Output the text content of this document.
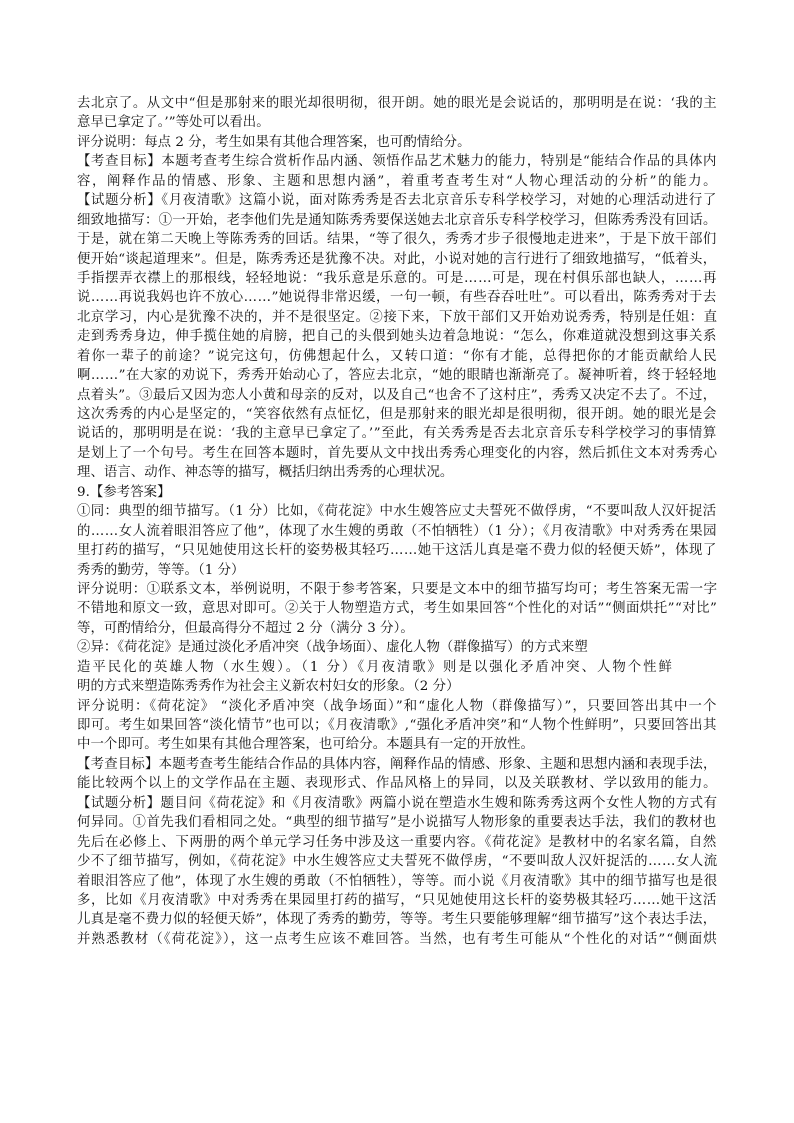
去北京了。从文中“但是那射来的眼光却很明彻，很开朗。她的眼光是会说话的，那明明是在说：‘我的主
意早已拿定了。’”等处可以看出。
评分说明：每点 2 分，考生如果有其他合理答案，也可酌情给分。
【考查目标】本题考查考生综合赏析作品内涵、领悟作品艺术魅力的能力，特别是“能结合作品的具体内
容，阐释作品的情感、形象、主题和思想内涵”，着重考查考生对“人物心理活动的分析”的能力。
【试题分析】《月夜清歌》这篇小说，面对陈秀秀是否去北京音乐专科学校学习，对她的心理活动进行了
细致地描写：①一开始，老李他们先是通知陈秀秀要保送她去北京音乐专科学校学习，但陈秀秀没有回话。
于是，就在第二天晚上等陈秀秀的回话。结果，“等了很久，秀秀才步子很慢地走进来”，于是下放干部们
便开始“谈起道理来”。但是，陈秀秀还是犹豫不决。对此，小说对她的言行进行了细致地描写，“低着头，
手指摆弄衣襟上的那根线，轻轻地说：“我乐意是乐意的。可是……可是，现在村俱乐部也缺人，……再
说……再说我妈也许不放心……”她说得非常迟缓，一句一顿，有些吞吞吐吐”。可以看出，陈秀秀对于去
北京学习，内心是犹豫不决的，并不是很坚定。②接下来，下放干部们又开始劝说秀秀，特别是任姐：直
走到秀秀身边，伸手揽住她的肩膀，把自己的头偎到她头边着急地说：“怎么，你难道就没想到这事关系
着你一辈子的前途？”说完这句，仿佛想起什么，又转口道：“你有才能，总得把你的才能贡献给人民
啊……”在大家的劝说下，秀秀开始动心了，答应去北京，“她的眼睛也渐渐亮了。凝神听着，终于轻轻地
点着头”。③最后又因为恋人小黄和母亲的反对，以及自己“也舍不了这村庄”，秀秀又决定不去了。不过，
这次秀秀的内心是坚定的，“笑容依然有点怔忆，但是那射来的眼光却是很明彻，很开朗。她的眼光是会
说话的，那明明是在说：‘我的主意早已拿定了。’”至此，有关秀秀是否去北京音乐专科学校学习的事情算
是划上了一个句号。考生在回答本题时，首先要从文中找出秀秀心理变化的内容，然后抓住文本对秀秀心
理、语言、动作、神态等的描写，概括归纳出秀秀的心理状况。
9.【参考答案】
①同：典型的细节描写。（1 分）比如，《荷花淀》中水生嫂答应丈夫誓死不做俘虏，“不要叫敌人汉奸捉活
的……女人流着眼泪答应了他”，体现了水生嫂的勇敢（不怕牺牲）（1 分）；《月夜清歌》中对秀秀在果园
里打药的描写，“只见她使用这长杆的姿势极其轻巧……她干这活儿真是毫不费力似的轻便天娇”，体现了
秀秀的勤劳，等等。（1 分）
评分说明：①联系文本，举例说明，不限于参考答案，只要是文本中的细节描写均可；考生答案无需一字
不错地和原文一致，意思对即可。②关于人物塑造方式，考生如果回答“个性化的对话”“侧面烘托”“对比”
等，可酌情给分，但最高得分不超过 2 分（满分 3 分）。
②异：《荷花淀》是通过淡化矛盾冲突（战争场面）、虚化人物（群像描写）的方式来塑
造平民化的英雄人物（水生嫂）。（1 分）《月夜清歌》则是以强化矛盾冲突、人物个性鲜
明的方式来塑造陈秀秀作为社会主义新农村妇女的形象。（2 分）
评分说明：《荷花淀》 “淡化矛盾冲突（战争场面）”和“虚化人物（群像描写）”，只要回答出其中一个
即可。考生如果回答“淡化情节”也可以；《月夜清歌》,“强化矛盾冲突”和“人物个性鲜明”，只要回答出其
中一个即可。考生如果有其他合理答案，也可给分。本题具有一定的开放性。
【考查目标】本题考查考生能结合作品的具体内容，阐释作品的情感、形象、主题和思想内涵和表现手法，
能比较两个以上的文学作品在主题、表现形式、作品风格上的异同，以及关联教材、学以致用的能力。
【试题分析】题目问《荷花淀》和《月夜清歌》两篇小说在塑造水生嫂和陈秀秀这两个女性人物的方式有
何异同。①首先我们看相同之处。“典型的细节描写”是小说描写人物形象的重要表达手法，我们的教材也
先后在必修上、下两册的两个单元学习任务中涉及这一重要内容。《荷花淀》是教材中的名家名篇，自然
少不了细节描写，例如，《荷花淀》中水生嫂答应丈夫誓死不做俘虏，“不要叫敌人汉奸捉活的……女人流
着眼泪答应了他”，体现了水生嫂的勇敢（不怕牺牲），等等。而小说《月夜清歌》其中的细节描写也是很
多，比如《月夜清歌》中对秀秀在果园里打药的描写，“只见她使用这长杆的姿势极其轻巧……她干这活
儿真是毫不费力似的轻便天娇”，体现了秀秀的勤劳，等等。考生只要能够理解“细节描写”这个表达手法，
并熟悉教材（《荷花淀》），这一点考生应该不难回答。当然，也有考生可能从“个性化的对话”“侧面烘
